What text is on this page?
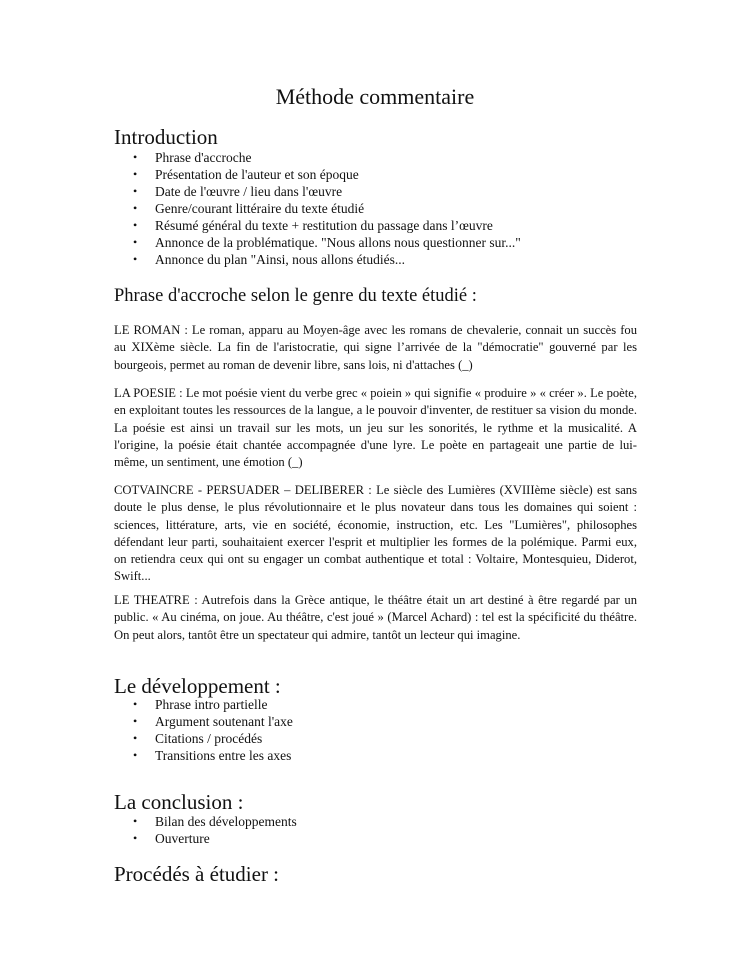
Méthode commentaire
Introduction
• Phrase d'accroche
• Présentation de l'auteur et son époque
• Date de l'œuvre / lieu dans l'œuvre
• Genre/courant littéraire du texte étudié
• Résumé général du texte + restitution du passage dans l’œuvre
• Annonce de la problématique. "Nous allons nous questionner sur..."
• Annonce du plan "Ainsi, nous allons étudiés...
Phrase d'accroche selon le genre du texte étudié :

LE ROMAN : Le roman, apparu au Moyen-âge avec les romans de chevalerie, connait un succès fou au XIXème siècle. La fin de l'aristocratie, qui signe l’arrivée de la "démocratie" gouverné par les bourgeois, permet au roman de devenir libre, sans lois, ni d'attaches (_)

LA POESIE : Le mot poésie vient du verbe grec « poiein » qui signifie « produire » « créer ». Le poète, en exploitant toutes les ressources de la langue, a le pouvoir d'inventer, de restituer sa vision du monde. La poésie est ainsi un travail sur les mots, un jeu sur les sonorités, le rythme et la musicalité. A l'origine, la poésie était chantée accompagnée d'une lyre. Le poète en partageait une partie de lui-même, un sentiment, une émotion (_)

COTVAINCRE - PERSUADER – DELIBERER : Le siècle des Lumières (XVIIIème siècle) est sans doute le plus dense, le plus révolutionnaire et le plus novateur dans tous les domaines qui soient : sciences, littérature, arts, vie en société, économie, instruction, etc. Les "Lumières", philosophes défendant leur parti, souhaitaient exercer l'esprit et multiplier les formes de la polémique. Parmi eux, on retiendra ceux qui ont su engager un combat authentique et total : Voltaire, Montesquieu, Diderot, Swift...

LE THEATRE : Autrefois dans la Grèce antique, le théâtre était un art destiné à être regardé par un public. « Au cinéma, on joue. Au théâtre, c'est joué » (Marcel Achard) : tel est la spécificité du théâtre. On peut alors, tantôt être un spectateur qui admire, tantôt un lecteur qui imagine.

Le développement :
• Phrase intro partielle
• Argument soutenant l'axe
• Citations / procédés
• Transitions entre les axes
La conclusion :
• Bilan des développements
• Ouverture
Procédés à étudier :
